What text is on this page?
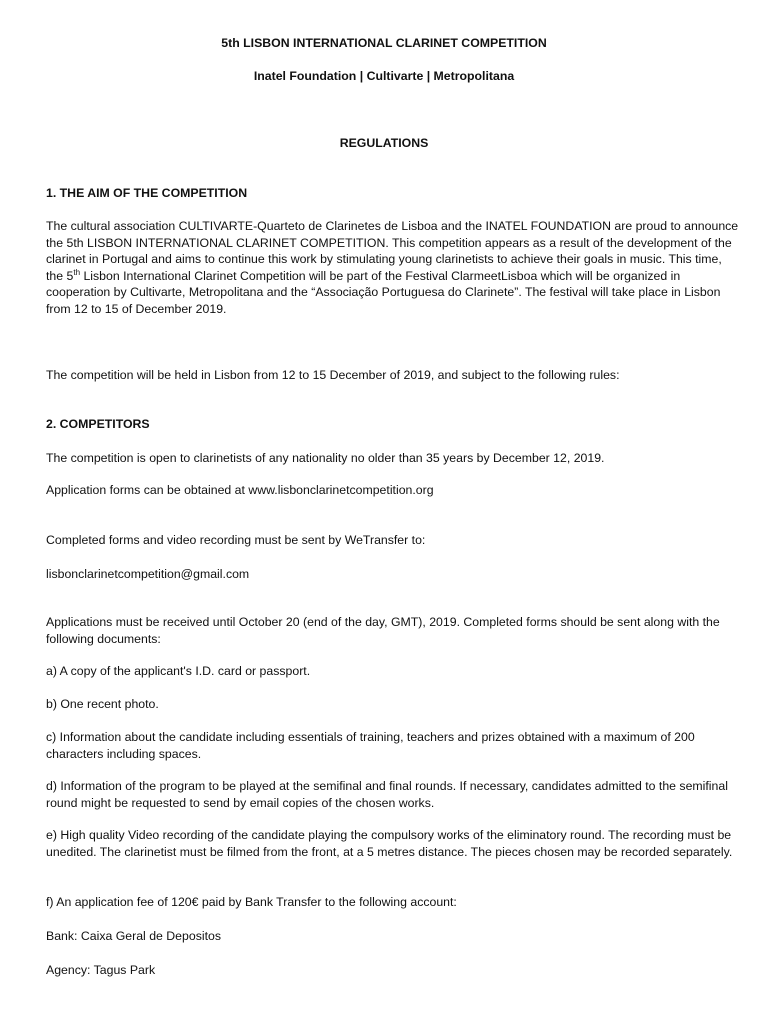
5th LISBON INTERNATIONAL CLARINET COMPETITION

Inatel Foundation | Cultivarte | Metropolitana

REGULATIONS

1. THE AIM OF THE COMPETITION

The cultural association CULTIVARTE-Quarteto de Clarinetes de Lisboa and the INATEL FOUNDATION are proud to announce the 5th LISBON INTERNATIONAL CLARINET COMPETITION. This competition appears as a result of the development of the clarinet in Portugal and aims to continue this work by stimulating young clarinetists to achieve their goals in music. This time, the 5th Lisbon International Clarinet Competition will be part of the Festival ClarmeetLisboa which will be organized in cooperation by Cultivarte, Metropolitana and the “Associação Portuguesa do Clarinete”. The festival will take place in Lisbon from 12 to 15 of December 2019.

The competition will be held in Lisbon from 12 to 15 December of 2019, and subject to the following rules:

2. COMPETITORS

The competition is open to clarinetists of any nationality no older than 35 years by December 12, 2019.

Application forms can be obtained at www.lisbonclarinetcompetition.org

Completed forms and video recording must be sent by WeTransfer to:

lisbonclarinetcompetition@gmail.com

Applications must be received until October 20 (end of the day, GMT), 2019. Completed forms should be sent along with the following documents:

a) A copy of the applicant's I.D. card or passport.

b) One recent photo.

c) Information about the candidate including essentials of training, teachers and prizes obtained with a maximum of 200 characters including spaces.

d) Information of the program to be played at the semifinal and final rounds. If necessary, candidates admitted to the semifinal round might be requested to send by email copies of the chosen works.

e) High quality Video recording of the candidate playing the compulsory works of the eliminatory round. The recording must be unedited. The clarinetist must be filmed from the front, at a 5 metres distance. The pieces chosen may be recorded separately.

f) An application fee of 120€ paid by Bank Transfer to the following account:

Bank: Caixa Geral de Depositos

Agency: Tagus Park
